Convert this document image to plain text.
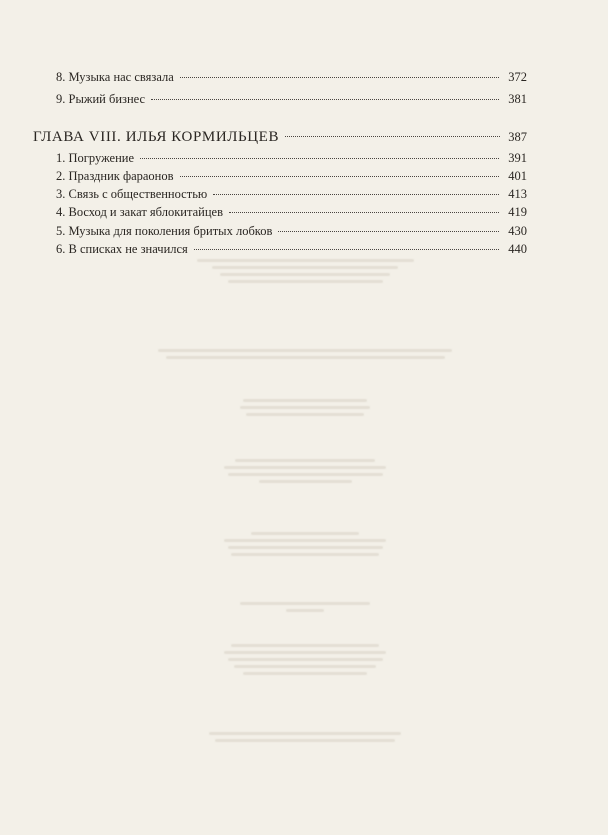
8. Музыка нас связала	372
9. Рыжий бизнес	381
ГЛАВА VIII. ИЛЬЯ КОРМИЛЬЦЕВ	387
1. Погружение	391
2. Праздник фараонов	401
3. Связь с общественностью	413
4. Восход и закат яблокитайцев	419
5. Музыка для поколения бритых лобков	430
6. В списках не значился	440
